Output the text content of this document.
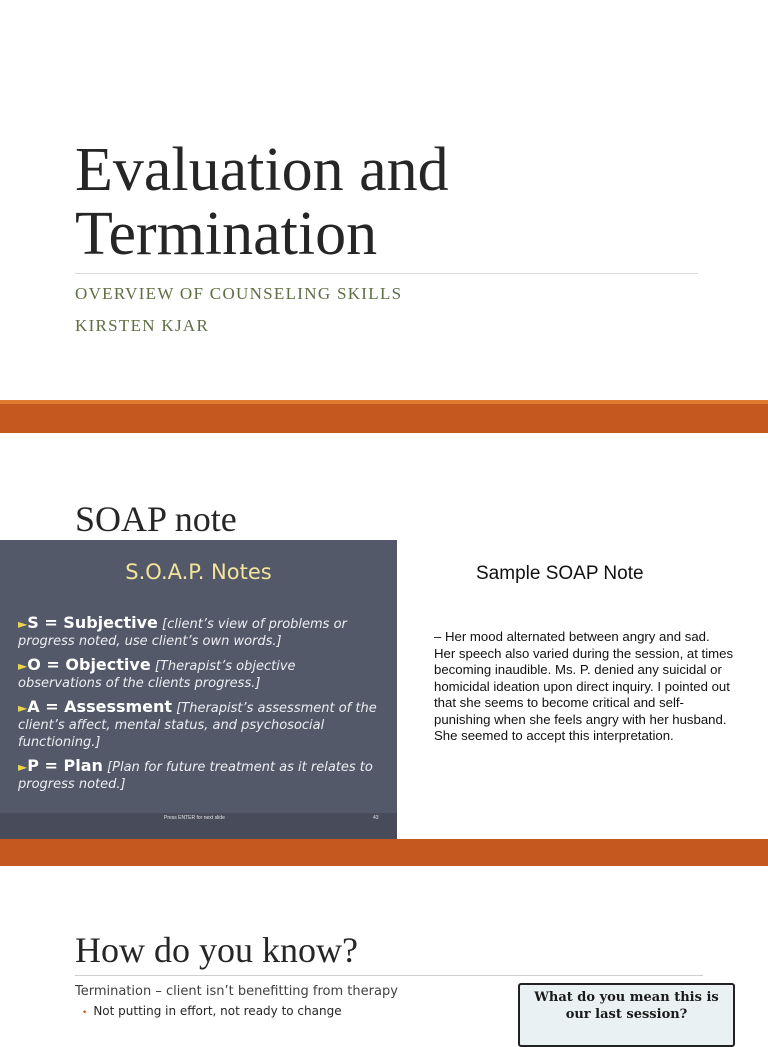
Evaluation and
Termination
OVERVIEW OF COUNSELING SKILLS
KIRSTEN KJAR
SOAP note
S.O.A.P. Notes
►S = Subjective [client’s view of problems or progress noted, use client’s own words.]
►O = Objective [Therapist’s objective observations of the clients progress.]
►A = Assessment [Therapist’s assessment of the client’s affect, mental status, and psychosocial functioning.]
►P = Plan [Plan for future treatment as it relates to progress noted.]
Press ENTER for next slide	43
Sample SOAP Note
– Her mood alternated between angry and sad. Her speech also varied during the session, at times becoming inaudible. Ms. P. denied any suicidal or homicidal ideation upon direct inquiry. I pointed out that she seems to become critical and self-punishing when she feels angry with her husband. She seemed to accept this interpretation.
How do you know?
Termination – client isn’t benefitting from therapy
• Not putting in effort, not ready to change
What do you mean this is our last session?
